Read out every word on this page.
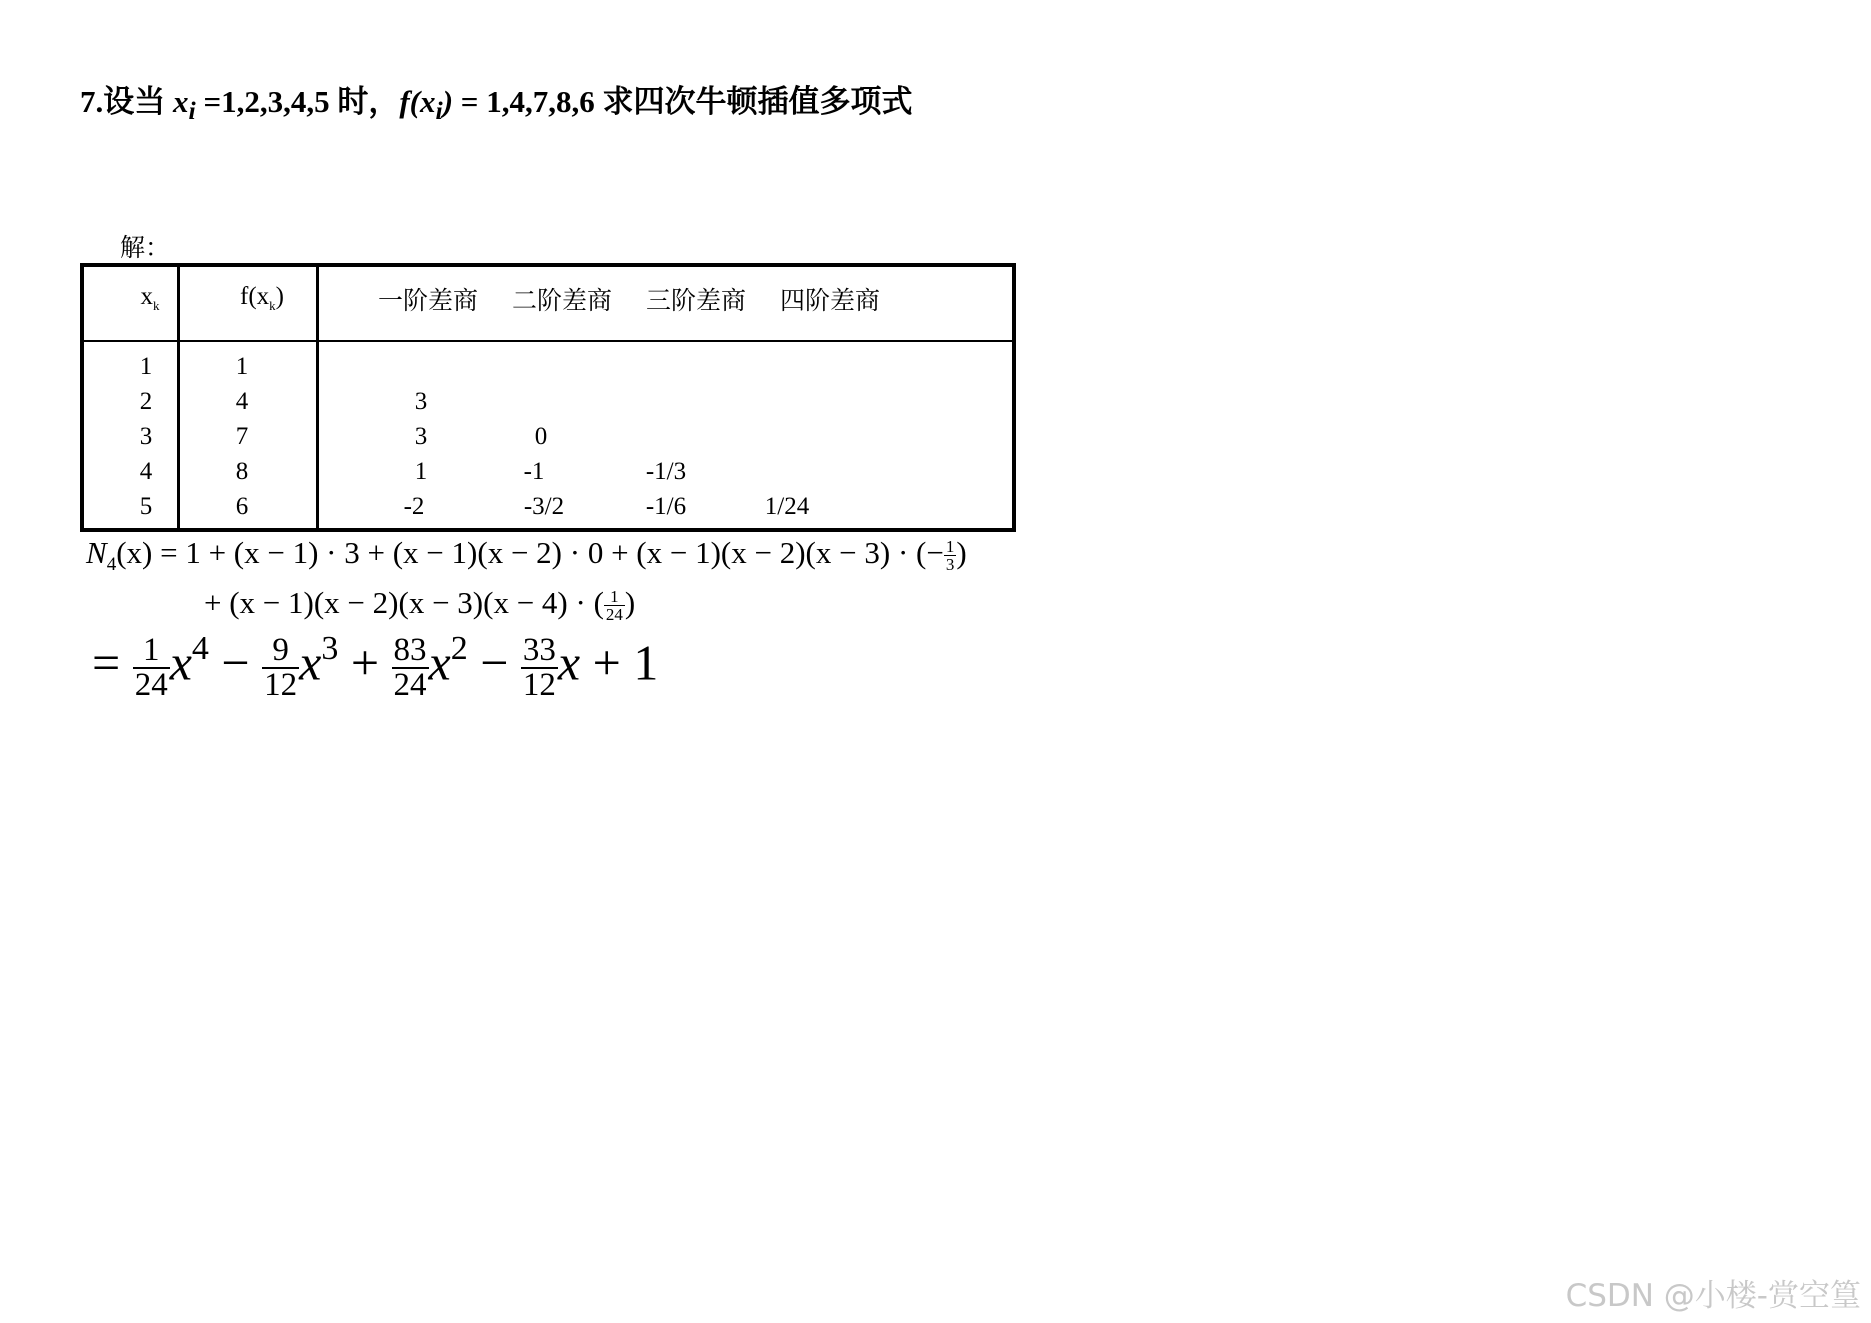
7.设当 $x_i =1,2,3,4,5$ 时，$f(x_i) = 1,4,7,8,6$ 求四次牛顿插值多项式
解：
$x_k$	$f(x_k)$	一阶差商 二阶差商 三阶差商 四阶差商
1	1
2	4	3
3	7	3	0
4	8	1	-1	-1/3
5	6	-2	-3/2	-1/6	1/24
$N_4(x) = 1 + (x - 1) \cdot 3 + (x - 1)(x - 2) \cdot 0 + (x - 1)(x - 2)(x - 3)$ · (− $\frac{1}{3}$ )
+ (x − 1)(x − 2)(x − 3)(x − 4) · ( $\frac{1}{24}$ )
= $\frac{1}{24} x^4 - \frac{9}{12} x^3 + \frac{83}{24} x^2 - \frac{33}{12}$ x + 1
CSDN @小楼-赏空篁
